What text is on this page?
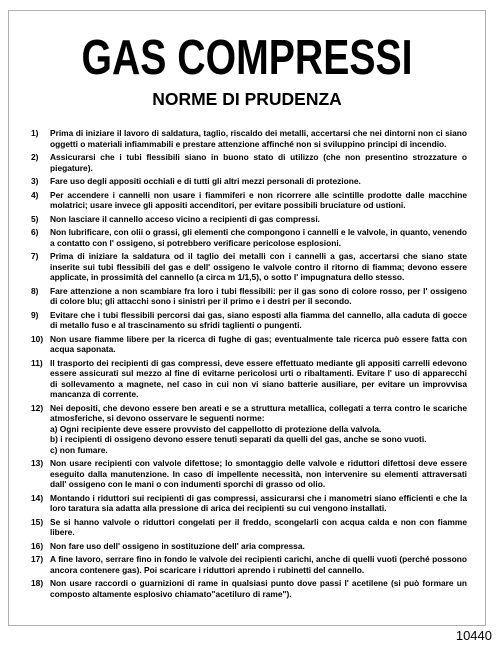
GAS COMPRESSI
NORME DI PRUDENZA
1)	Prima di iniziare il lavoro di saldatura, taglio, riscaldo dei metalli, accertarsi che nei dintorni non ci siano oggetti o materiali infiammabili e prestare attenzione affinché non si sviluppino principi di incendio.
2)	Assicurarsi che i tubi flessibili siano in buono stato di utilizzo (che non presentino strozzature o piegature).
3)	Fare uso degli appositi occhiali e di tutti gli altri mezzi personali di protezione.
4)	Per accendere i cannelli non usare i fiammiferi e non ricorrere alle scintille prodotte dalle macchine molatrici; usare invece gli appositi accenditori, per evitare possibili bruciature od ustioni.
5)	Non lasciare il cannello acceso vicino a recipienti di gas compressi.
6)	Non lubrificare, con olii o grassi, gli elementi che compongono i cannelli e le valvole, in quanto, venendo a contatto con l' ossigeno, si potrebbero verificare pericolose esplosioni.
7)	Prima di iniziare la saldatura od il taglio dei metalli con i cannelli a gas, accertarsi che siano state inserite sui tubi flessibili del gas e dell' ossigeno le valvole contro il ritorno di fiamma; devono essere applicate, in prossimità del cannello (a circa m 1/1,5), o sotto l' impugnatura dello stesso.
8)	Fare attenzione a non scambiare fra loro i tubi flessibili: per il gas sono di colore rosso, per l' ossigeno di colore blu; gli attacchi sono i sinistri per il primo e i destri per il secondo.
9)	Evitare che i tubi flessibili percorsi dai gas, siano esposti alla fiamma del cannello, alla caduta di gocce di metallo fuso e al trascinamento su sfridi taglienti o pungenti.
10) Non usare fiamme libere per la ricerca di fughe di gas; eventualmente tale ricerca può essere fatta con acqua saponata.
11) Il trasporto dei recipienti di gas compressi, deve essere effettuato mediante gli appositi carrelli edevono essere assicurati sul mezzo al fine di evitarne pericolosi urti o ribaltamenti. Evitare l' uso di apparecchi di sollevamento a magnete, nel caso in cui non vi siano batterie ausiliare, per evitare un improvvisa mancanza di corrente.
12) Nei depositi, che devono essere ben areati e se a struttura metallica, collegati a terra contro le scariche atmosferiche, si devono osservare le seguenti norme:
a) Ogni recipiente deve essere provvisto del cappellotto di protezione della valvola.
b) i recipienti di ossigeno devono essere tenuti separati da quelli del gas, anche se sono vuoti.
c) non fumare.
13) Non usare recipienti con valvole difettose; lo smontaggio delle valvole e riduttori difettosi deve essere eseguito dalla manutenzione. In caso di impellente necessità, non intervenire su elementi attraversati dall' ossigeno con le mani o con indumenti sporchi di grasso od olio.
14) Montando i riduttori sui recipienti di gas compressi, assicurarsi che i manometri siano efficienti e che la loro taratura sia adatta alla pressione di arica dei recipienti su cui vengono installati.
15) Se si hanno valvole o riduttori congelati per il freddo, scongelarli con acqua calda e non con fiamme libere.
16) Non fare uso dell' ossigeno in sostituzione dell' aria compressa.
17) A fine lavoro, serrare fino in fondo le valvole dei recipienti carichi, anche di quelli vuoti (perché possono ancora contenere gas). Poi scaricare i riduttori aprendo i rubinetti del cannello.
18) Non usare raccordi o guarnizioni di rame in qualsiasi punto dove passi l' acetilene (si può formare un composto altamente esplosivo chiamato"acetiluro di rame").
10440
